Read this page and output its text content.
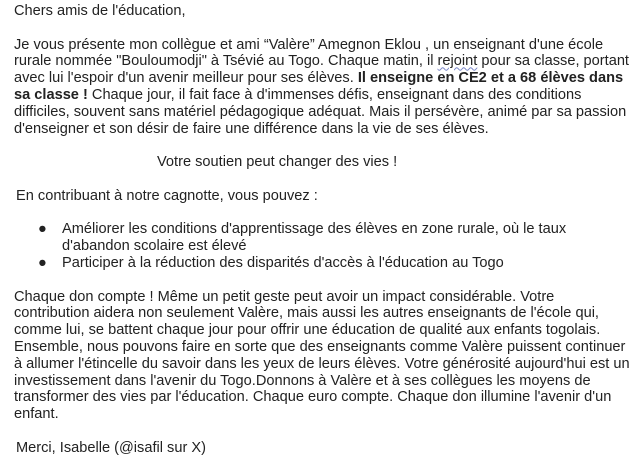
Chers amis de l'éducation,

Je vous présente mon collègue et ami “Valère” Amegnon Eklou , un enseignant d'une école rurale nommée "Bouloumodji" à Tsévié au Togo. Chaque matin, il rejoint pour sa classe, portant avec lui l'espoir d'un avenir meilleur pour ses élèves. Il enseigne en CE2 et a 68 élèves dans sa classe ! Chaque jour, il fait face à d'immenses défis, enseignant dans des conditions difficiles, souvent sans matériel pédagogique adéquat. Mais il persévère, animé par sa passion d'enseigner et son désir de faire une différence dans la vie de ses élèves.

Votre soutien peut changer des vies !

En contribuant à notre cagnotte, vous pouvez :

●	Améliorer les conditions d'apprentissage des élèves en zone rurale, où le taux d'abandon scolaire est élevé
●	Participer à la réduction des disparités d'accès à l'éducation au Togo

Chaque don compte ! Même un petit geste peut avoir un impact considérable. Votre contribution aidera non seulement Valère, mais aussi les autres enseignants de l'école qui, comme lui, se battent chaque jour pour offrir une éducation de qualité aux enfants togolais. Ensemble, nous pouvons faire en sorte que des enseignants comme Valère puissent continuer à allumer l'étincelle du savoir dans les yeux de leurs élèves. Votre générosité aujourd'hui est un investissement dans l'avenir du Togo.Donnons à Valère et à ses collègues les moyens de transformer des vies par l'éducation. Chaque euro compte. Chaque don illumine l'avenir d'un enfant.

Merci, Isabelle (@isafil sur X)
